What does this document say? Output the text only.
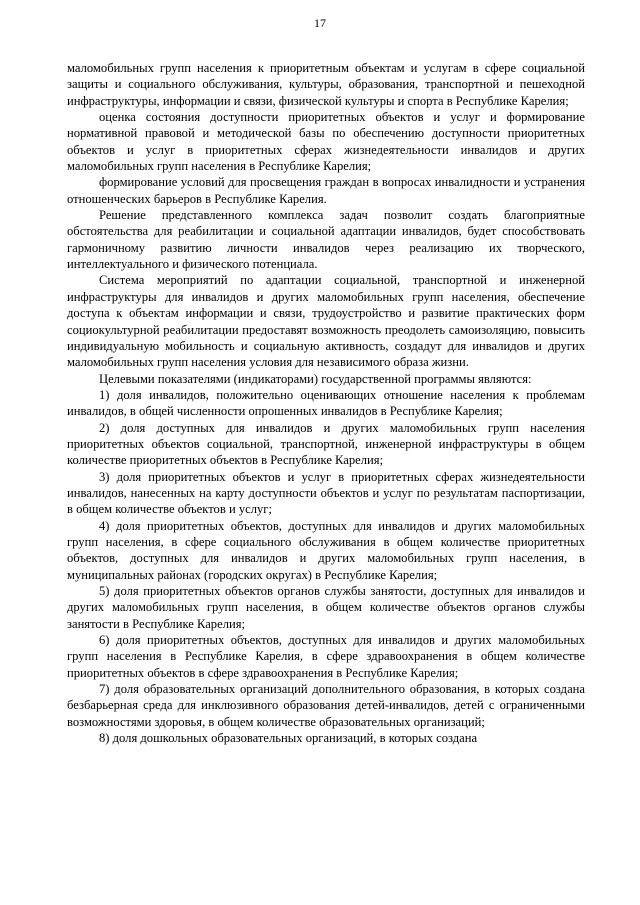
17

маломобильных групп населения к приоритетным объектам и услугам в сфере социальной защиты и социального обслуживания, культуры, образования, транспортной и пешеходной инфраструктуры, информации и связи, физической культуры и спорта в Республике Карелия;

оценка состояния доступности приоритетных объектов и услуг и формирование нормативной правовой и методической базы по обеспечению доступности приоритетных объектов и услуг в приоритетных сферах жизнедеятельности инвалидов и других маломобильных групп населения в Республике Карелия;

формирование условий для просвещения граждан в вопросах инвалидности и устранения отношенческих барьеров в Республике Карелия.

Решение представленного комплекса задач позволит создать благоприятные обстоятельства для реабилитации и социальной адаптации инвалидов, будет способствовать гармоничному развитию личности инвалидов через реализацию их творческого, интеллектуального и физического потенциала.

Система мероприятий по адаптации социальной, транспортной и инженерной инфраструктуры для инвалидов и других маломобильных групп населения, обеспечение доступа к объектам информации и связи, трудоустройство и развитие практических форм социокультурной реабилитации предоставят возможность преодолеть самоизоляцию, повысить индивидуальную мобильность и социальную активность, создадут для инвалидов и других маломобильных групп населения условия для независимого образа жизни.

Целевыми показателями (индикаторами) государственной программы являются:

1) доля инвалидов, положительно оценивающих отношение населения к проблемам инвалидов, в общей численности опрошенных инвалидов в Республике Карелия;

2) доля доступных для инвалидов и других маломобильных групп населения приоритетных объектов социальной, транспортной, инженерной инфраструктуры в общем количестве приоритетных объектов в Республике Карелия;

3) доля приоритетных объектов и услуг в приоритетных сферах жизнедеятельности инвалидов, нанесенных на карту доступности объектов и услуг по результатам паспортизации, в общем количестве объектов и услуг;

4) доля приоритетных объектов, доступных для инвалидов и других маломобильных групп населения, в сфере социального обслуживания в общем количестве приоритетных объектов, доступных для инвалидов и других маломобильных групп населения, в муниципальных районах (городских округах) в Республике Карелия;

5) доля приоритетных объектов органов службы занятости, доступных для инвалидов и других маломобильных групп населения, в общем количестве объектов органов службы занятости в Республике Карелия;

6) доля приоритетных объектов, доступных для инвалидов и других маломобильных групп населения в Республике Карелия, в сфере здравоохранения в общем количестве приоритетных объектов в сфере здравоохранения в Республике Карелия;

7) доля образовательных организаций дополнительного образования, в которых создана безбарьерная среда для инклюзивного образования детей-инвалидов, детей с ограниченными возможностями здоровья, в общем количестве образовательных организаций;

8) доля дошкольных образовательных организаций, в которых создана
